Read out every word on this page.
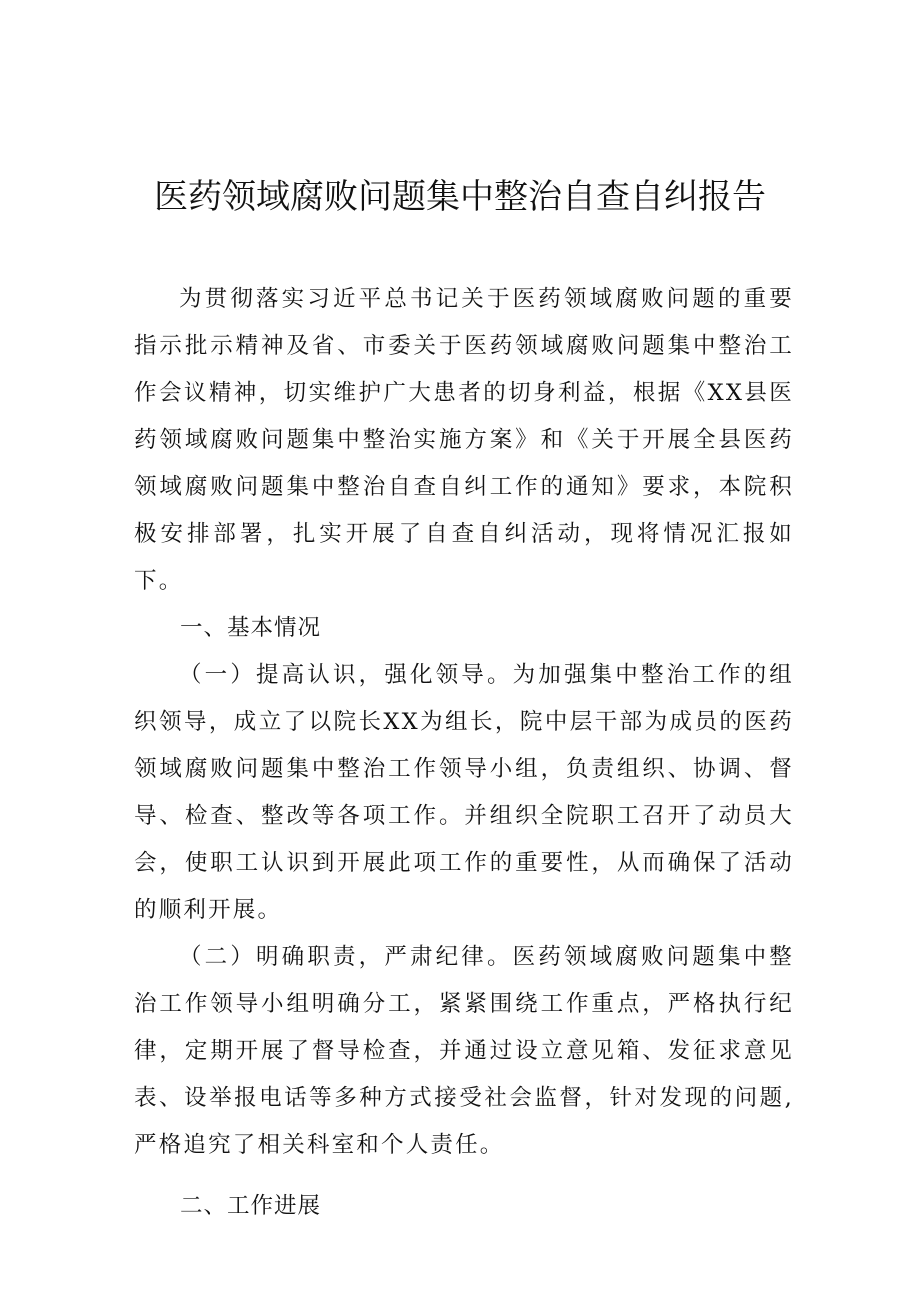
医药领域腐败问题集中整治自查自纠报告

为贯彻落实习近平总书记关于医药领域腐败问题的重要指示批示精神及省、市委关于医药领域腐败问题集中整治工作会议精神，切实维护广大患者的切身利益，根据《XX县医药领域腐败问题集中整治实施方案》和《关于开展全县医药领域腐败问题集中整治自查自纠工作的通知》要求，本院积极安排部署，扎实开展了自查自纠活动，现将情况汇报如下。

一、基本情况

（一）提高认识，强化领导。为加强集中整治工作的组织领导，成立了以院长XX为组长，院中层干部为成员的医药领域腐败问题集中整治工作领导小组，负责组织、协调、督导、检查、整改等各项工作。并组织全院职工召开了动员大会，使职工认识到开展此项工作的重要性，从而确保了活动的顺利开展。

（二）明确职责，严肃纪律。医药领域腐败问题集中整治工作领导小组明确分工，紧紧围绕工作重点，严格执行纪律，定期开展了督导检查，并通过设立意见箱、发征求意见表、设举报电话等多种方式接受社会监督，针对发现的问题,严格追究了相关科室和个人责任。

二、工作进展
